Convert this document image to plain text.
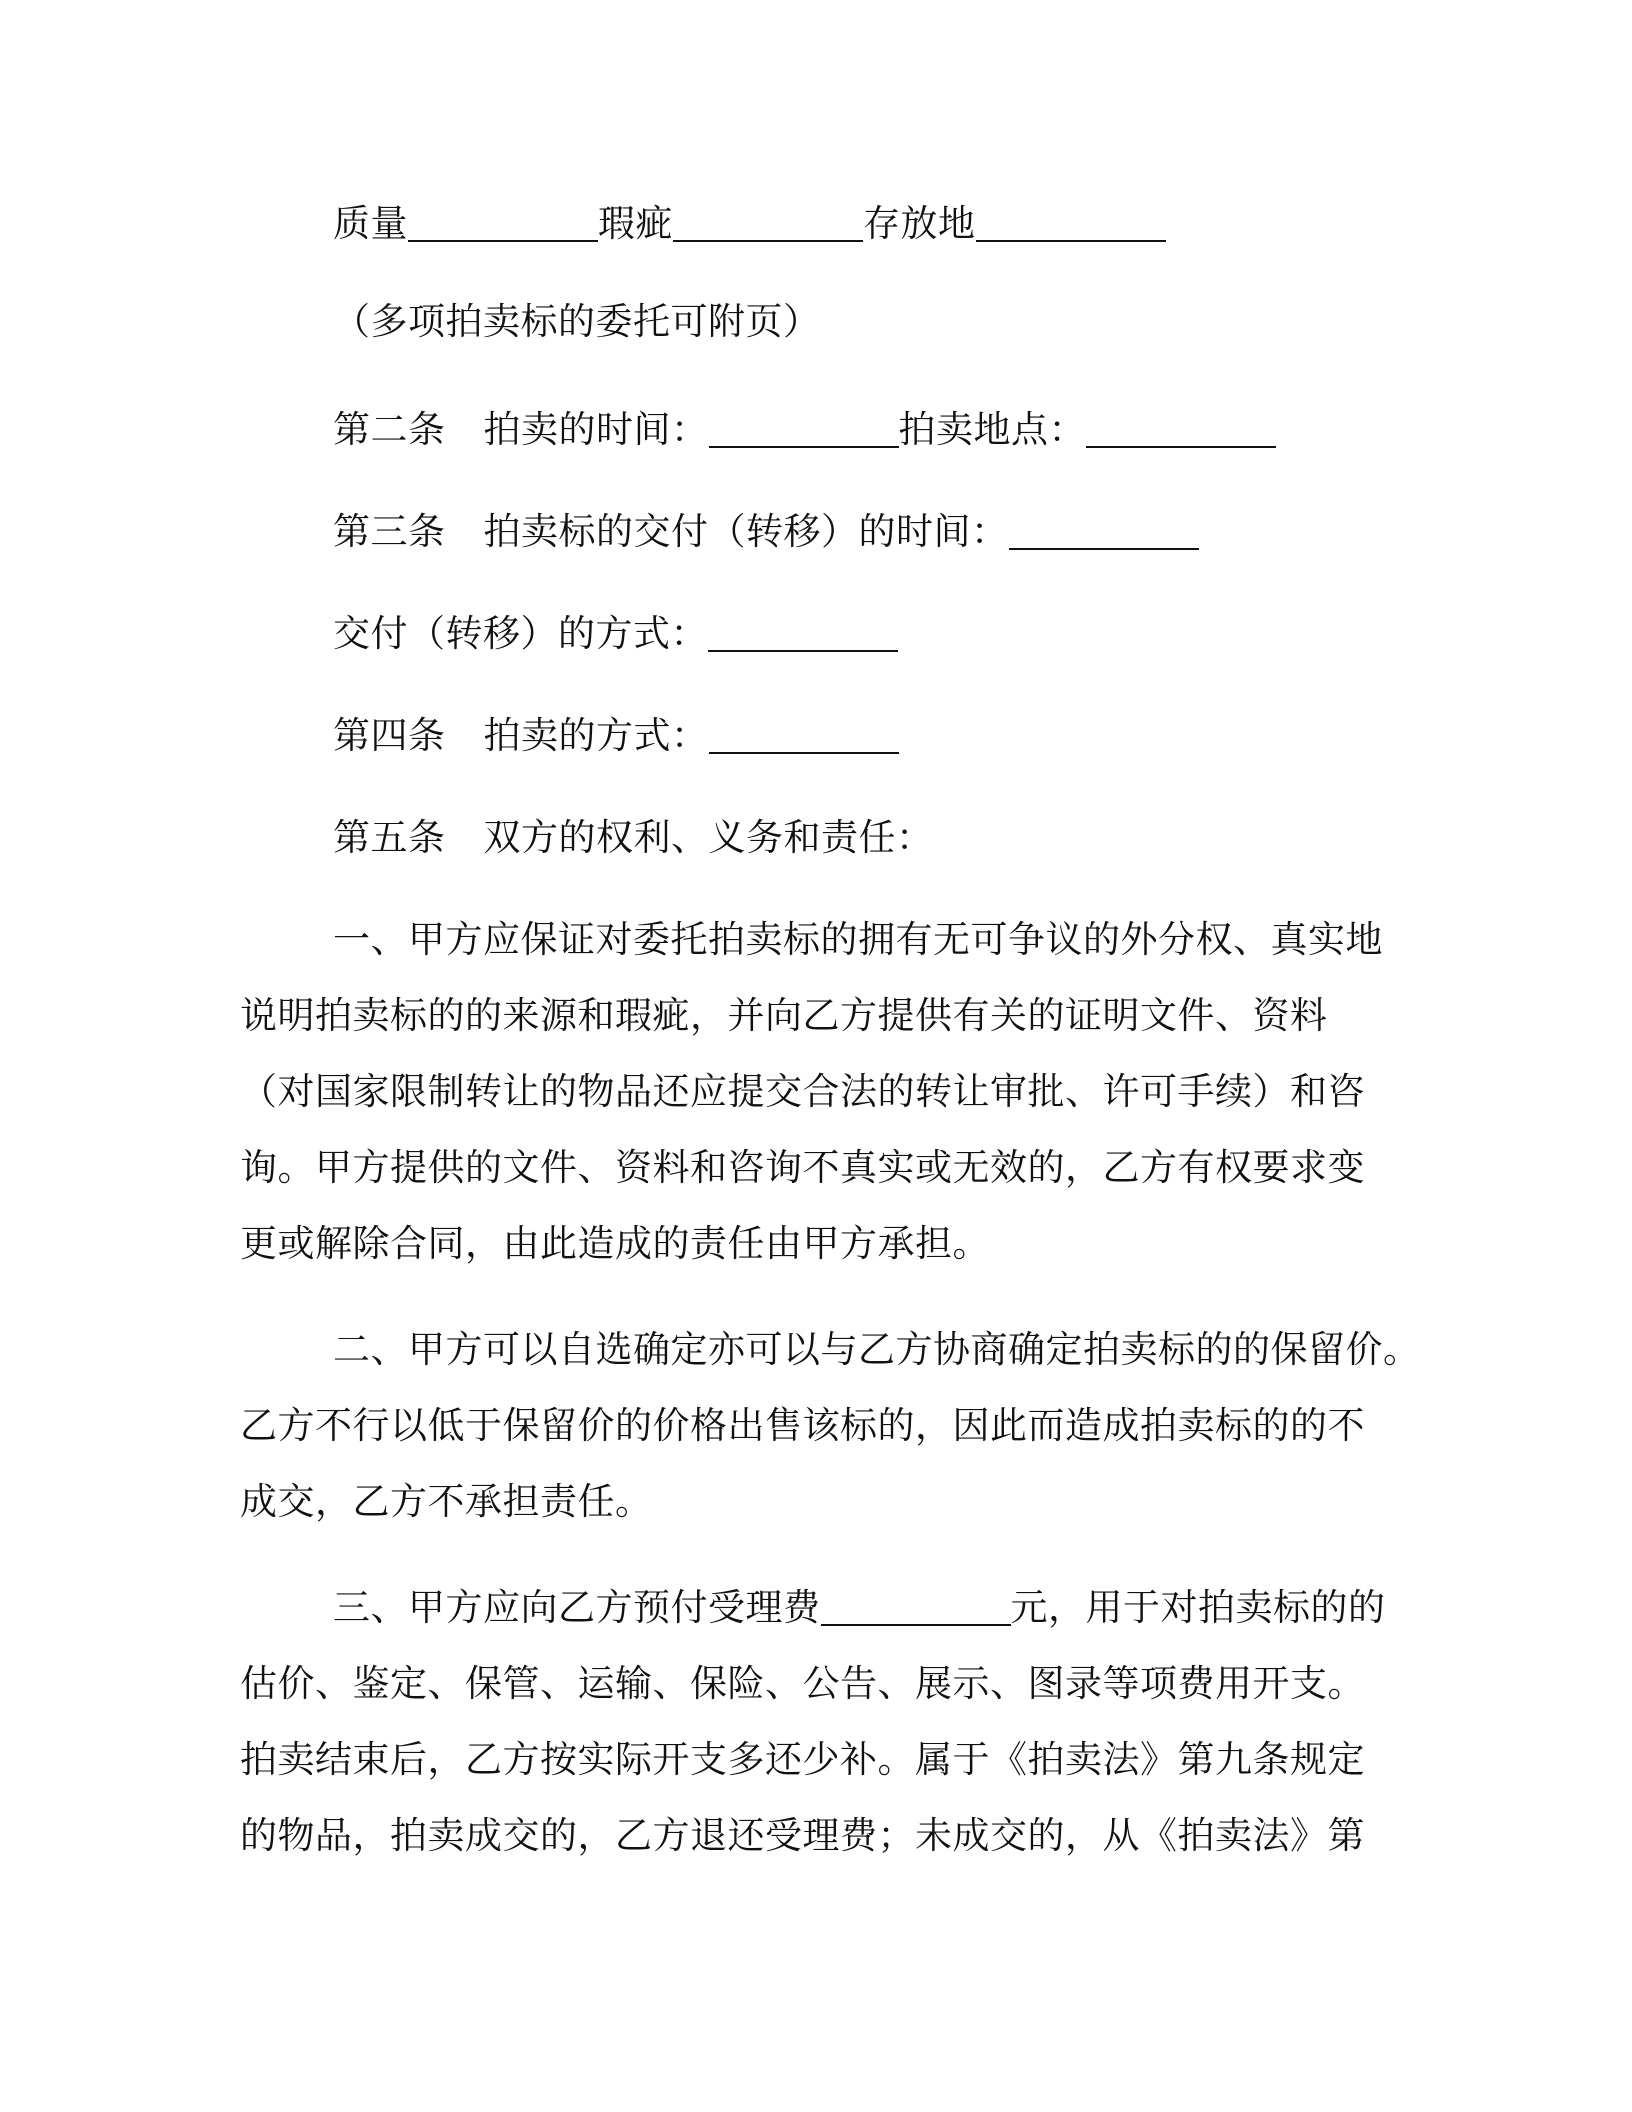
质量	瑕疵	存放地
（多项拍卖标的委托可附页）
第二条 拍卖的时间：	拍卖地点：
第三条 拍卖标的交付（转移）的时间：
交付（转移）的方式：
第四条 拍卖的方式：
第五条 双方的权利、义务和责任：
一、甲方应保证对委托拍卖标的拥有无可争议的外分权、真实地
说明拍卖标的的来源和瑕疵，并向乙方提供有关的证明文件、资料
（对国家限制转让的物品还应提交合法的转让审批、许可手续）和咨
询。甲方提供的文件、资料和咨询不真实或无效的，乙方有权要求变
更或解除合同，由此造成的责任由甲方承担。
二、甲方可以自选确定亦可以与乙方协商确定拍卖标的的保留价。
乙方不行以低于保留价的价格出售该标的，因此而造成拍卖标的的不
成交，乙方不承担责任。
三、甲方应向乙方预付受理费	元，用于对拍卖标的的
估价、鉴定、保管、运输、保险、公告、展示、图录等项费用开支。
拍卖结束后，乙方按实际开支多还少补。属于《拍卖法》第九条规定
的物品，拍卖成交的，乙方退还受理费；未成交的，从《拍卖法》第
